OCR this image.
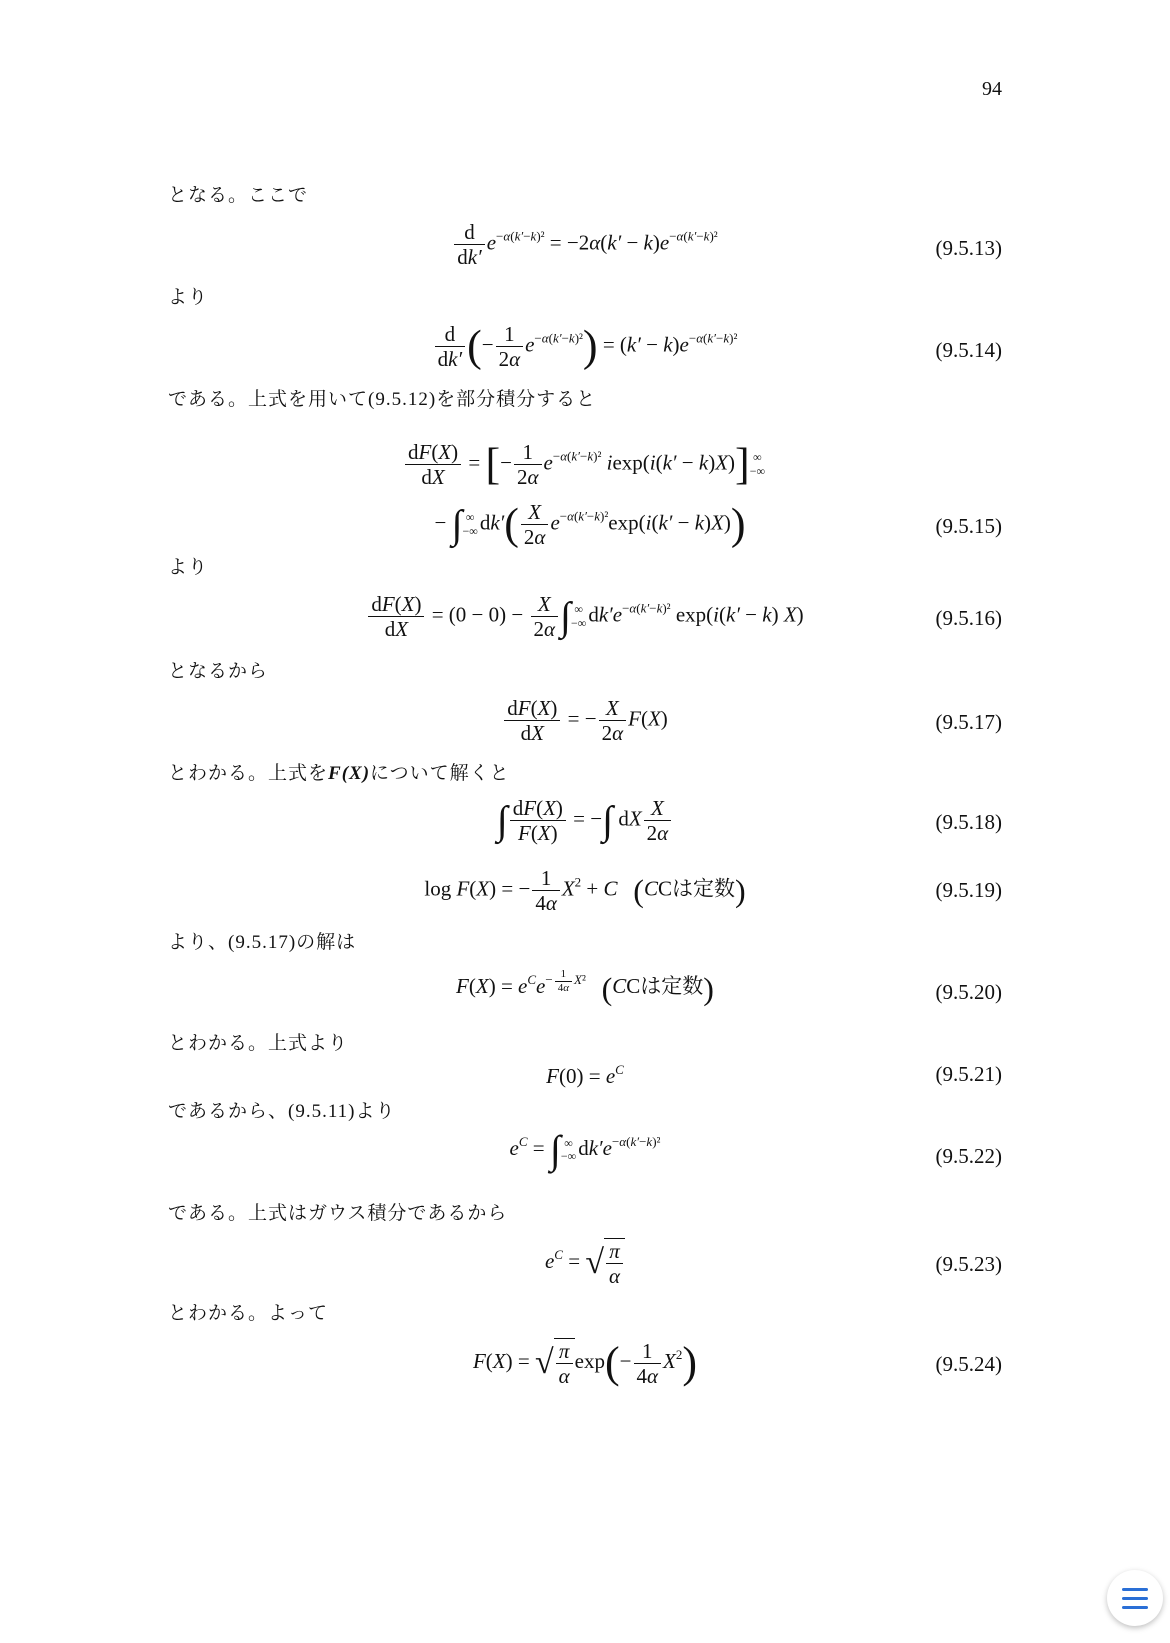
94
となる。ここで
$\frac{d}{dk'} e^{-\alpha(k'-k)^2} = -2\alpha(k' - k)e^{-\alpha(k'-k)^2}$
(9.5.13)
より
$\frac{d}{dk'}$ (− $\frac{1}{2\alpha} e^{-\alpha(k'-k)^2}) = (k' - k)e^{-\alpha(k'-k)^2}$
(9.5.14)
である。上式を用いて(9.5.12)を部分積分すると
$\frac{dF(X)}{dX}$ = [− $\frac{1}{2\alpha} e^{-\alpha(k'-k)^2}$ iexp(i(k′ − k)X)] ∞
−∞
− ∫ ∞
−∞ $dk'( \frac{X}{2\alpha} e^{-\alpha(k'-k)^2}\exp(i(k' - k)X))$	(9.5.15)
より
$\frac{dF(X)}{dX} = (0 - 0) - \frac{X}{2\alpha}$ ∫ ∞
−∞ $dk'e^{-\alpha(k'-k)^2}$ exp(i(k′ − k) X)	(9.5.16)
となるから
$\frac{dF(X)}{dX}$ = − $\frac{X}{2\alpha} F(X)$	(9.5.17)
とわかる。上式をF(X)について解くと
∫ $\frac{dF(X)}{F(X)}$ = −∫ dX $\frac{X}{2\alpha}$	(9.5.18)
log F(X) = − $\frac{1}{4\alpha} X^2 + C$ (CCは定数)	(9.5.19)
より、(9.5.17)の解は
$F(X) = e^Ce^{- \frac{1}{4\alpha} X^2}$ (CCは定数)	(9.5.20)
とわかる。上式より
$F(0) = e^C$	(9.5.21)
であるから、(9.5.11)より
$e^C$ = ∫ ∞
−∞ $dk'e^{-\alpha(k'-k)^2}$
(9.5.22)
である。上式はガウス積分であるから
$e^C$ = √ $\frac{\pi}{\alpha}$	(9.5.23)
とわかる。よって
F(X) = √ $\frac{\pi}{\alpha} \exp(- \frac{1}{4\alpha} X^2)$	(9.5.24)
